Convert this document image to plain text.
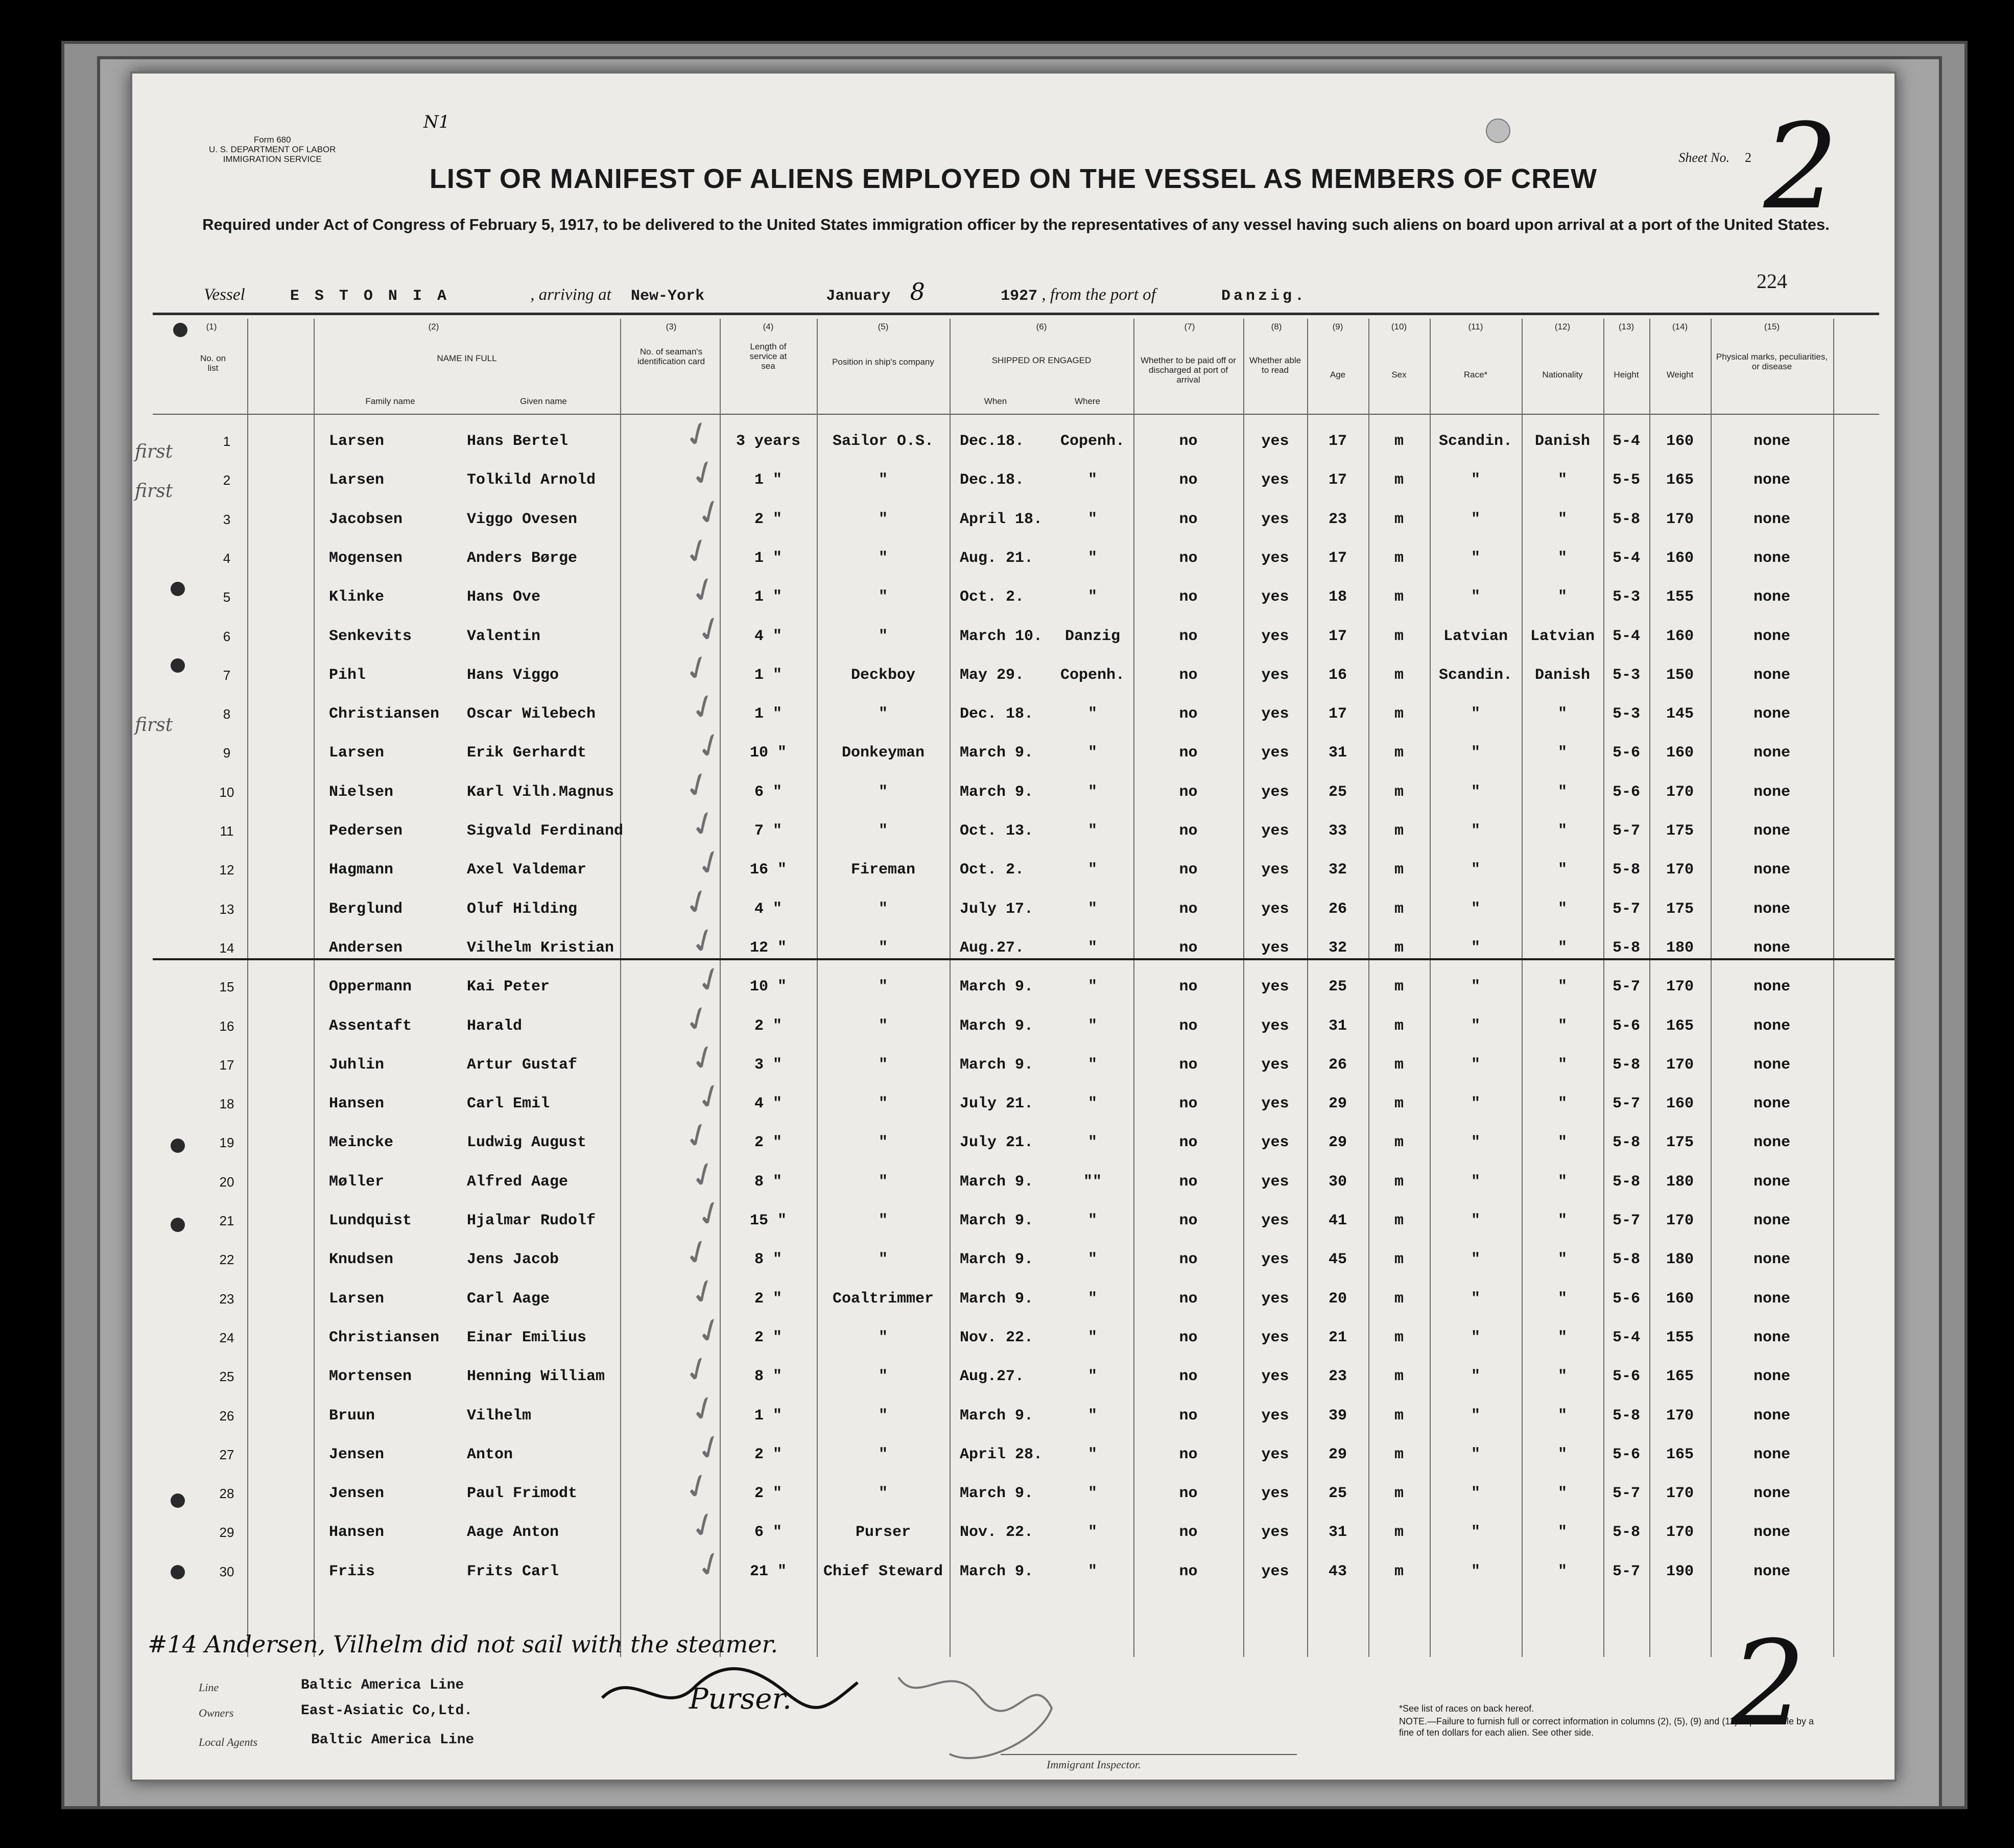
Form 680
U. S. DEPARTMENT OF LABOR
IMMIGRATION SERVICE
N1
Sheet No. 2 2
LIST OR MANIFEST OF ALIENS EMPLOYED ON THE VESSEL AS MEMBERS OF CREW
Required under Act of Congress of February 5, 1917, to be delivered to the United States immigration officer by the representatives of any vessel having such aliens on board upon arrival at a port of the United States.
Vessel	E S T O N I A	, arriving at New-York	January 8	1927 , from the port of	Danzig.
224
(1)	(2)	(3)	(4)	(5)	(6)	(7)	(8)	(9)	(10)	(11)	(12)	(13)	(14)	(15)
No. on list
NAME IN FULL
Family name	Given name
No. of seaman's identification card
Length of service at sea	Position in ship's company	SHIPPED OR ENGAGED
When	Where
Whether to be paid off or discharged at port of arrival
Whether able to read	Age	Sex	Race*	Nationality	Height	Weight
Physical marks, peculiarities, or disease
1	Larsen	Hans Bertel	3 years	Sailor O.S.	Dec.18.	Copenh.	no	yes	17	m	Scandin.	Danish	5-4	160	none
✓
2	Larsen	Tolkild Arnold	1 "	"	Dec.18.	"	no	yes	17	m	"	"	5-5	165	none
✓
3	Jacobsen	Viggo Ovesen	2 "	"	April 18.	"	no	yes	23	m	"	"	5-8	170	none
✓
4	Mogensen	Anders Børge	1 "	"	Aug. 21.	"	no	yes	17	m	"	"	5-4	160	none
✓
5	Klinke	Hans Ove	1 "	"	Oct. 2.	"	no	yes	18	m	"	"	5-3	155	none
✓
6	Senkevits	Valentin	4 "	"	March 10.	Danzig	no	yes	17	m	Latvian	Latvian	5-4	160	none
✓
7	Pihl	Hans Viggo	1 "	Deckboy	May 29.	Copenh.	no	yes	16	m	Scandin.	Danish	5-3	150	none
✓
8	Christiansen	Oscar Wilebech	1 "	"	Dec. 18.	"	no	yes	17	m	"	"	5-3	145	none
✓
9	Larsen	Erik Gerhardt	10 "	Donkeyman	March 9.	"	no	yes	31	m	"	"	5-6	160	none
✓
10	Nielsen	Karl Vilh.Magnus	6 "	"	March 9.	"	no	yes	25	m	"	"	5-6	170	none
✓
11	Pedersen	Sigvald Ferdinand	7 "	"	Oct. 13.	"	no	yes	33	m	"	"	5-7	175	none
✓
12	Hagmann	Axel Valdemar	16 "	Fireman	Oct. 2.	"	no	yes	32	m	"	"	5-8	170	none
✓
13	Berglund	Oluf Hilding	4 "	"	July 17.	"	no	yes	26	m	"	"	5-7	175	none
✓
14	Andersen	Vilhelm Kristian	12 "	"	Aug.27.	"	no	yes	32	m	"	"	5-8	180	none
✓
15	Oppermann	Kai Peter	10 "	"	March 9.	"	no	yes	25	m	"	"	5-7	170	none
✓
16	Assentaft	Harald	2 "	"	March 9.	"	no	yes	31	m	"	"	5-6	165	none
✓
17	Juhlin	Artur Gustaf	3 "	"	March 9.	"	no	yes	26	m	"	"	5-8	170	none
✓
18	Hansen	Carl Emil	4 "	"	July 21.	"	no	yes	29	m	"	"	5-7	160	none
✓
19	Meincke	Ludwig August	2 "	"	July 21.	"	no	yes	29	m	"	"	5-8	175	none
✓
20	Møller	Alfred Aage	8 "	"	March 9.	""	no	yes	30	m	"	"	5-8	180	none
✓
21	Lundquist	Hjalmar Rudolf	15 "	"	March 9.	"	no	yes	41	m	"	"	5-7	170	none
✓
22	Knudsen	Jens Jacob	8 "	"	March 9.	"	no	yes	45	m	"	"	5-8	180	none
✓
23	Larsen	Carl Aage	2 "	Coaltrimmer	March 9.	"	no	yes	20	m	"	"	5-6	160	none
✓
24	Christiansen	Einar Emilius	2 "	"	Nov. 22.	"	no	yes	21	m	"	"	5-4	155	none
✓
25	Mortensen	Henning William	8 "	"	Aug.27.	"	no	yes	23	m	"	"	5-6	165	none
✓
26	Bruun	Vilhelm	1 "	"	March 9.	"	no	yes	39	m	"	"	5-8	170	none
✓
27	Jensen	Anton	2 "	"	April 28.	"	no	yes	29	m	"	"	5-6	165	none
✓
28	Jensen	Paul Frimodt	2 "	"	March 9.	"	no	yes	25	m	"	"	5-7	170	none
✓
29	Hansen	Aage Anton	6 "	Purser	Nov. 22.	"	no	yes	31	m	"	"	5-8	170	none
✓
30	Friis	Frits Carl	21 "	Chief Steward	March 9.	"	no	yes	43	m	"	"	5-7	190	none
✓
first
first
first
#14 Andersen, Vilhelm did not sail with the steamer.
Purser.
Line	Baltic America Line
Owners	East-Asiatic Co,Ltd.
Local Agents	Baltic America Line
Immigrant Inspector.
*See list of races on back hereof.
NOTE.—Failure to furnish full or correct information in columns (2), (5), (9) and (11) is punishable by a fine of ten dollars for each alien. See other side.	2
